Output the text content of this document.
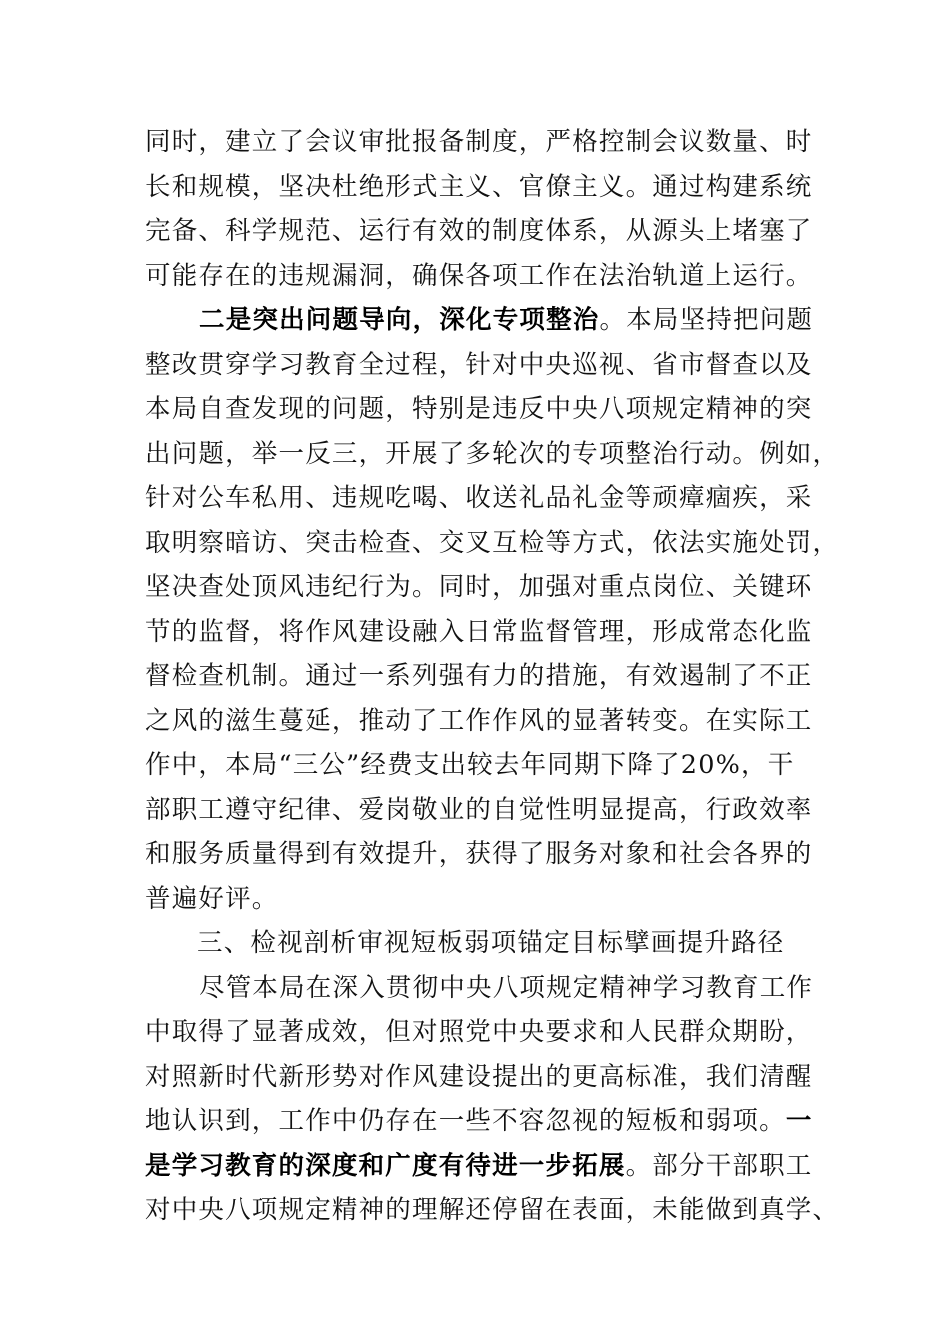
同时，建立了会议审批报备制度，严格控制会议数量、时
长和规模，坚决杜绝形式主义、官僚主义。通过构建系统
完备、科学规范、运行有效的制度体系，从源头上堵塞了
可能存在的违规漏洞，确保各项工作在法治轨道上运行。
二是突出问题导向，深化专项整治。本局坚持把问题
整改贯穿学习教育全过程，针对中央巡视、省市督查以及
本局自查发现的问题，特别是违反中央八项规定精神的突
出问题，举一反三，开展了多轮次的专项整治行动。例如，
针对公车私用、违规吃喝、收送礼品礼金等顽瘴痼疾，采
取明察暗访、突击检查、交叉互检等方式，依法实施处罚，
坚决查处顶风违纪行为。同时，加强对重点岗位、关键环
节的监督，将作风建设融入日常监督管理，形成常态化监
督检查机制。通过一系列强有力的措施，有效遏制了不正
之风的滋生蔓延，推动了工作作风的显著转变。在实际工
作中，本局“三公”经费支出较去年同期下降了20%，干
部职工遵守纪律、爱岗敬业的自觉性明显提高，行政效率
和服务质量得到有效提升，获得了服务对象和社会各界的
普遍好评。
三、检视剖析审视短板弱项锚定目标擘画提升路径
尽管本局在深入贯彻中央八项规定精神学习教育工作
中取得了显著成效，但对照党中央要求和人民群众期盼，
对照新时代新形势对作风建设提出的更高标准，我们清醒
地认识到，工作中仍存在一些不容忽视的短板和弱项。一
是学习教育的深度和广度有待进一步拓展。部分干部职工
对中央八项规定精神的理解还停留在表面，未能做到真学、
